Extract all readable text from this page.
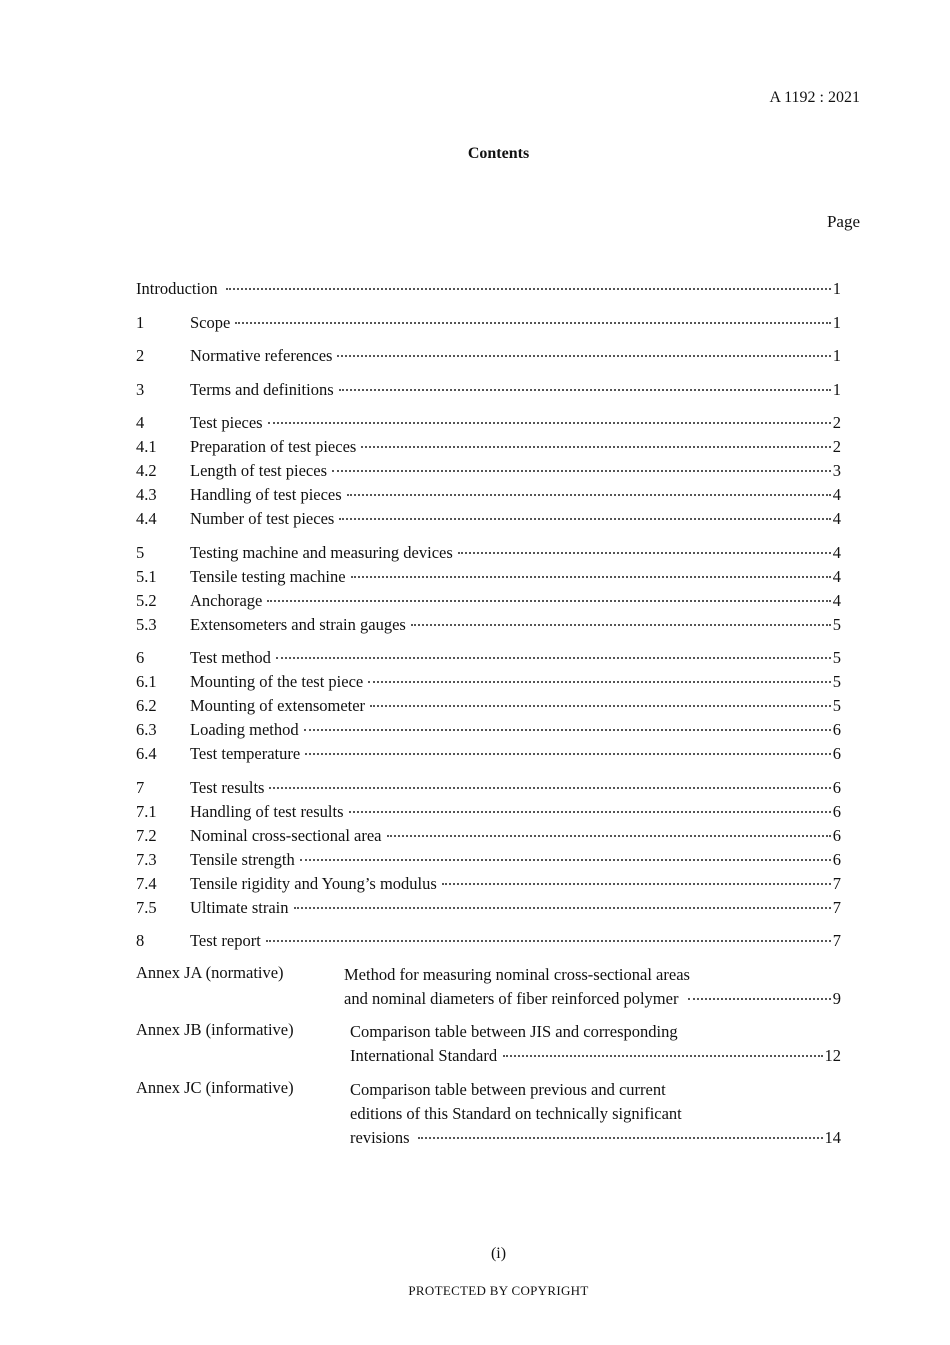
A 1192 : 2021
Contents
Page
Introduction	1
1	Scope	1
2	Normative references	1
3	Terms and definitions	1
4	Test pieces	2
4.1	Preparation of test pieces	2
4.2	Length of test pieces	3
4.3	Handling of test pieces	4
4.4	Number of test pieces	4
5	Testing machine and measuring devices	4
5.1	Tensile testing machine	4
5.2	Anchorage	4
5.3	Extensometers and strain gauges	5
6	Test method	5
6.1	Mounting of the test piece	5
6.2	Mounting of extensometer	5
6.3	Loading method	6
6.4	Test temperature	6
7	Test results	6
7.1	Handling of test results	6
7.2	Nominal cross-sectional area	6
7.3	Tensile strength	6
7.4	Tensile rigidity and Young’s modulus	7
7.5	Ultimate strain	7
8	Test report	7
Annex JA (normative)	Method for measuring nominal cross-sectional areas
and nominal diameters of fiber reinforced polymer	9
Annex JB (informative)	Comparison table between JIS and corresponding
International Standard	12
Annex JC (informative)	Comparison table between previous and current
editions of this Standard on technically significant
revisions	14
(i)
PROTECTED BY COPYRIGHT
